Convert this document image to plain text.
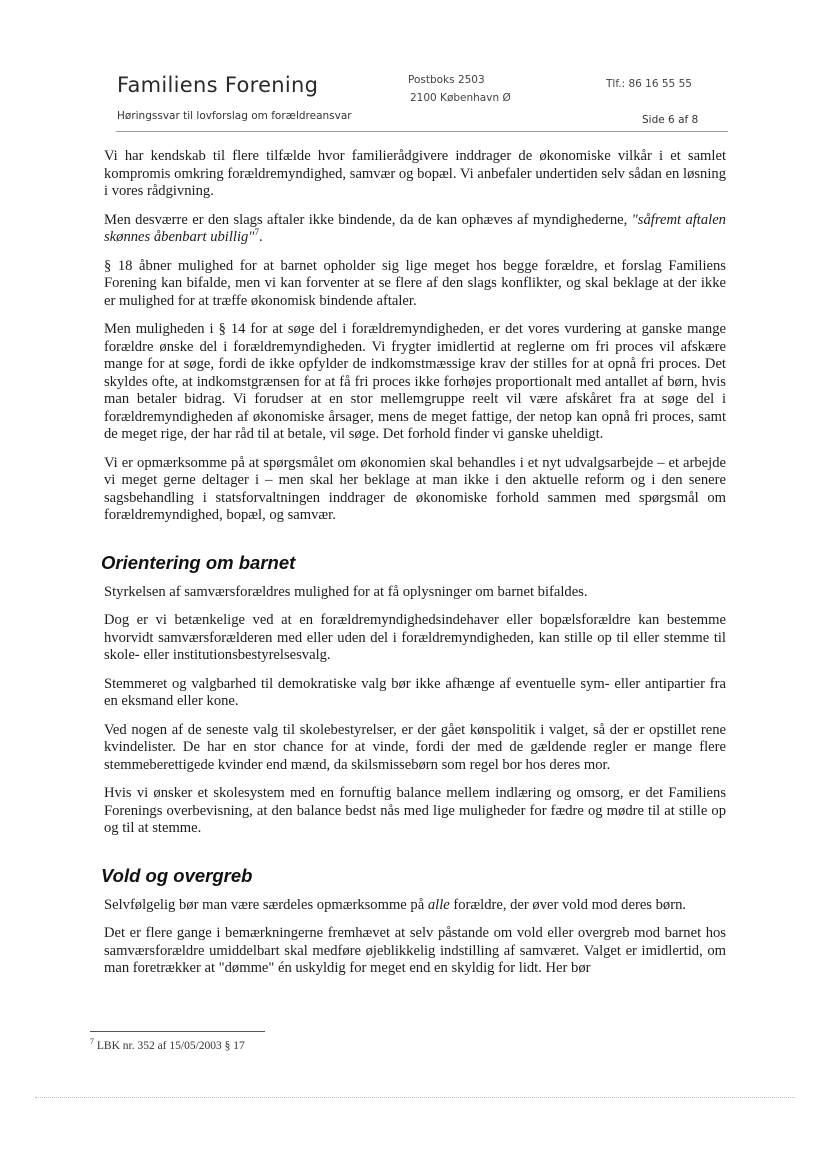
Familiens Forening
Høringssvar til lovforslag om forældreansvar
Postboks 2503
2100 København Ø
Tlf.: 86 16 55 55
Side 6 af 8

Vi har kendskab til flere tilfælde hvor familierådgivere inddrager de økonomiske vilkår i et samlet kompromis omkring forældremyndighed, samvær og bopæl. Vi anbefaler undertiden selv sådan en løsning i vores rådgivning.

Men desværre er den slags aftaler ikke bindende, da de kan ophæves af myndighederne, "såfremt aftalen skønnes åbenbart ubillig"$^7$.

§ 18 åbner mulighed for at barnet opholder sig lige meget hos begge forældre, et forslag Familiens Forening kan bifalde, men vi kan forventer at se flere af den slags konflikter, og skal beklage at der ikke er mulighed for at træffe økonomisk bindende aftaler.

Men muligheden i § 14 for at søge del i forældremyndigheden, er det vores vurdering at ganske mange forældre ønske del i forældremyndigheden. Vi frygter imidlertid at reglerne om fri proces vil afskære mange for at søge, fordi de ikke opfylder de indkomstmæssige krav der stilles for at opnå fri proces. Det skyldes ofte, at indkomstgrænsen for at få fri proces ikke forhøjes proportionalt med antallet af børn, hvis man betaler bidrag. Vi forudser at en stor mellemgruppe reelt vil være afskåret fra at søge del i forældremyndigheden af økonomiske årsager, mens de meget fattige, der netop kan opnå fri proces, samt de meget rige, der har råd til at betale, vil søge. Det forhold finder vi ganske uheldigt.

Vi er opmærksomme på at spørgsmålet om økonomien skal behandles i et nyt udvalgsarbejde – et arbejde vi meget gerne deltager i – men skal her beklage at man ikke i den aktuelle reform og i den senere sagsbehandling i statsforvaltningen inddrager de økonomiske forhold sammen med spørgsmål om forældremyndighed, bopæl, og samvær.

Orientering om barnet

Styrkelsen af samværsforældres mulighed for at få oplysninger om barnet bifaldes.

Dog er vi betænkelige ved at en forældremyndighedsindehaver eller bopælsforældre kan bestemme hvorvidt samværsforælderen med eller uden del i forældremyndigheden, kan stille op til eller stemme til skole- eller institutionsbestyrelsesvalg.

Stemmeret og valgbarhed til demokratiske valg bør ikke afhænge af eventuelle sym- eller antipartier fra en eksmand eller kone.

Ved nogen af de seneste valg til skolebestyrelser, er der gået kønspolitik i valget, så der er opstillet rene kvindelister. De har en stor chance for at vinde, fordi der med de gældende regler er mange flere stemmeberettigede kvinder end mænd, da skilsmissebørn som regel bor hos deres mor.

Hvis vi ønsker et skolesystem med en fornuftig balance mellem indlæring og omsorg, er det Familiens Forenings overbevisning, at den balance bedst nås med lige muligheder for fædre og mødre til at stille op og til at stemme.

Vold og overgreb

Selvfølgelig bør man være særdeles opmærksomme på alle forældre, der øver vold mod deres børn.

Det er flere gange i bemærkningerne fremhævet at selv påstande om vold eller overgreb mod barnet hos samværsforældre umiddelbart skal medføre øjeblikkelig indstilling af samværet. Valget er imidlertid, om man foretrækker at "dømme" én uskyldig for meget end en skyldig for lidt. Her bør

$^7$ LBK nr. 352 af 15/05/2003 § 17
